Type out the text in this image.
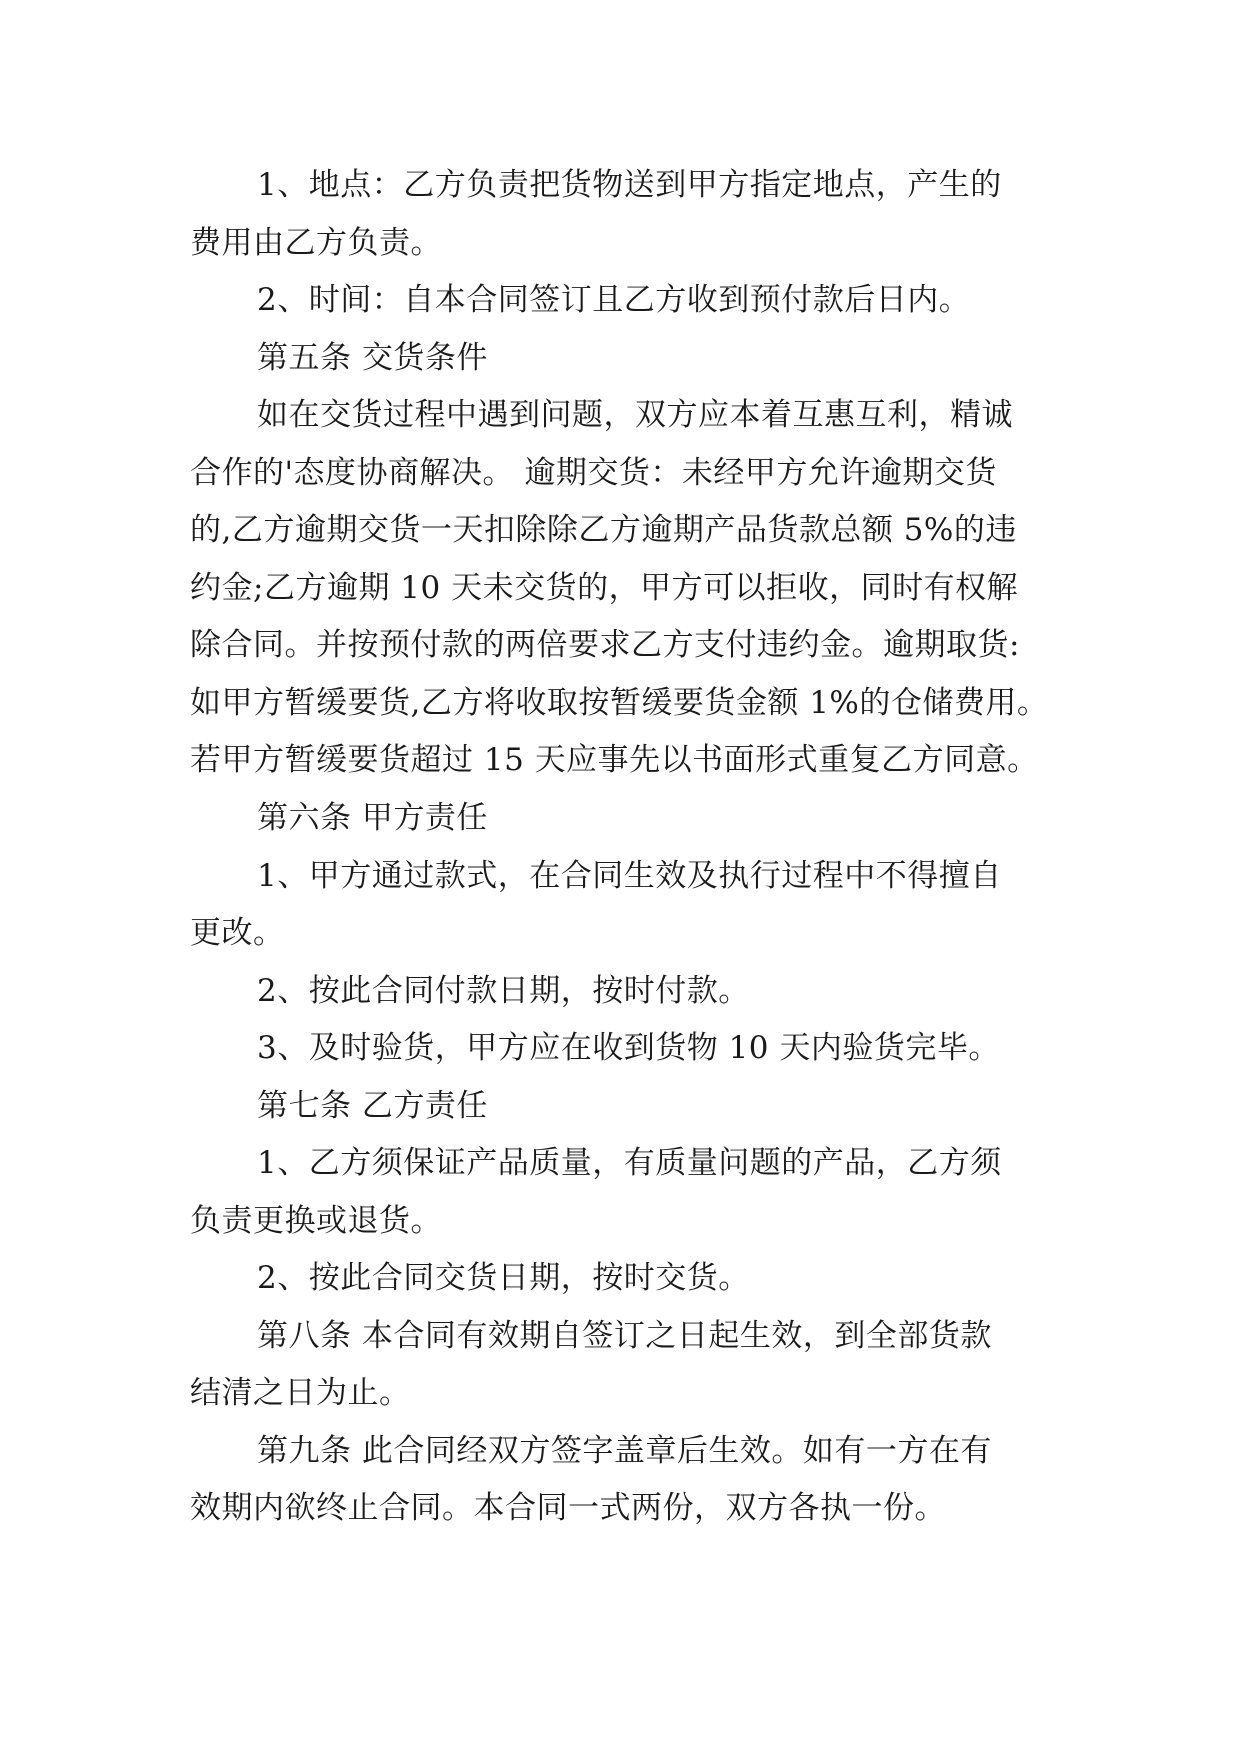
1、地点：乙方负责把货物送到甲方指定地点，产生的
费用由乙方负责。
2、时间：自本合同签订且乙方收到预付款后日内。
第五条 交货条件
如在交货过程中遇到问题，双方应本着互惠互利，精诚
合作的'态度协商解决。 逾期交货：未经甲方允许逾期交货
的,乙方逾期交货一天扣除除乙方逾期产品货款总额 5%的违
约金;乙方逾期 10 天未交货的，甲方可以拒收，同时有权解
除合同。并按预付款的两倍要求乙方支付违约金。逾期取货:
如甲方暂缓要货,乙方将收取按暂缓要货金额 1%的仓储费用。
若甲方暂缓要货超过 15 天应事先以书面形式重复乙方同意。
第六条 甲方责任
1、甲方通过款式，在合同生效及执行过程中不得擅自
更改。
2、按此合同付款日期，按时付款。
3、及时验货，甲方应在收到货物 10 天内验货完毕。
第七条 乙方责任
1、乙方须保证产品质量，有质量问题的产品，乙方须
负责更换或退货。
2、按此合同交货日期，按时交货。
第八条 本合同有效期自签订之日起生效，到全部货款
结清之日为止。
第九条 此合同经双方签字盖章后生效。如有一方在有
效期内欲终止合同。本合同一式两份，双方各执一份。
